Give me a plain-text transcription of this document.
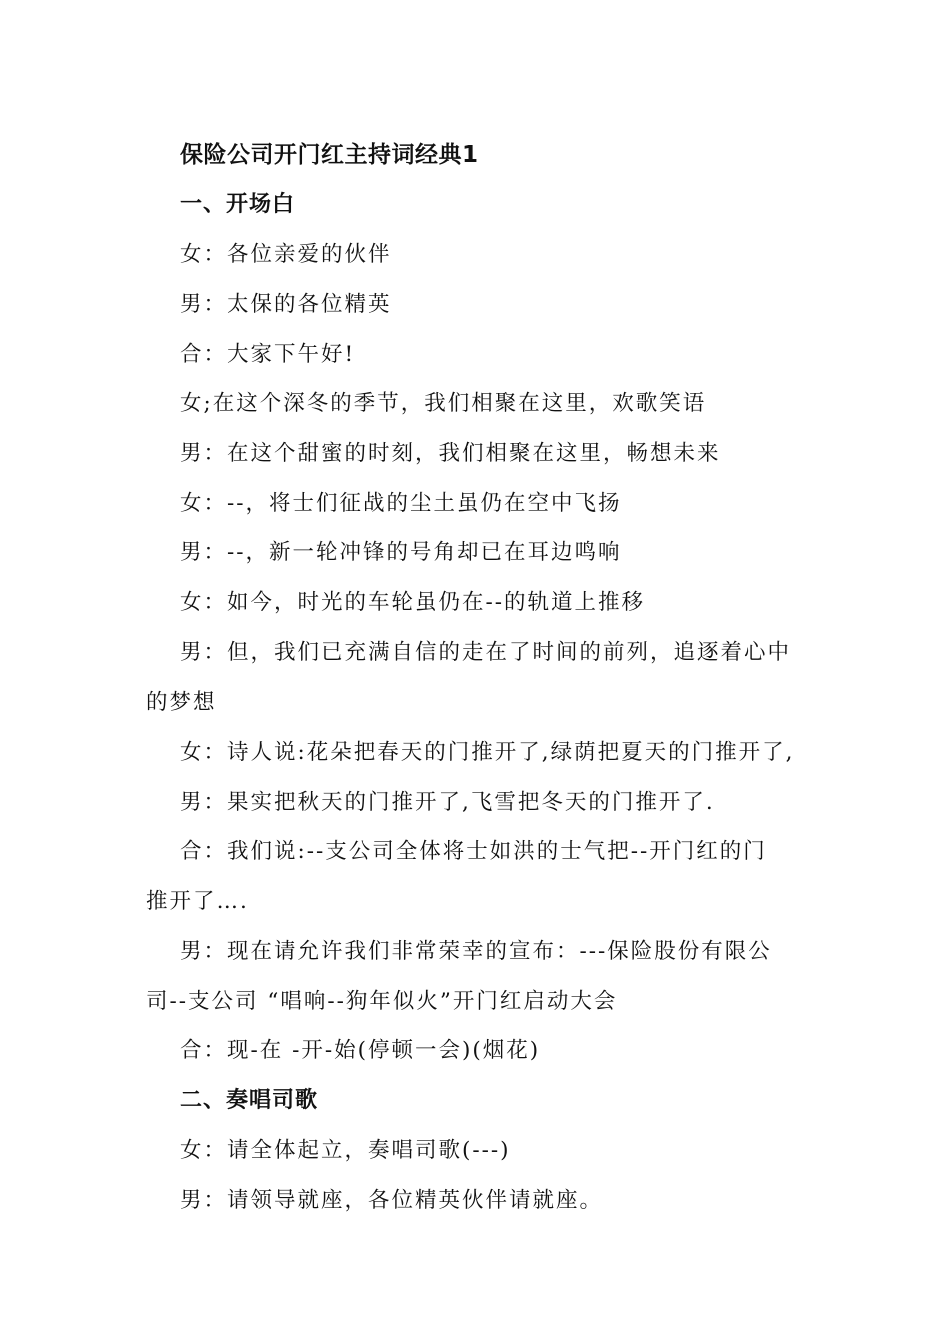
保险公司开门红主持词经典1
一、开场白
女：各位亲爱的伙伴
男：太保的各位精英
合：大家下午好!
女;在这个深冬的季节，我们相聚在这里，欢歌笑语
男：在这个甜蜜的时刻，我们相聚在这里，畅想未来
女：--，将士们征战的尘土虽仍在空中飞扬
男：--，新一轮冲锋的号角却已在耳边鸣响
女：如今，时光的车轮虽仍在--的轨道上推移
男：但，我们已充满自信的走在了时间的前列，追逐着心中
的梦想
女：诗人说:花朵把春天的门推开了,绿荫把夏天的门推开了,
男：果实把秋天的门推开了,飞雪把冬天的门推开了.
合：我们说:--支公司全体将士如洪的士气把--开门红的门
推开了….
男：现在请允许我们非常荣幸的宣布：---保险股份有限公
司--支公司 “唱响--狗年似火”开门红启动大会
合：现-在 -开-始(停顿一会)(烟花)
二、奏唱司歌
女：请全体起立，奏唱司歌(---)
男：请领导就座，各位精英伙伴请就座。
